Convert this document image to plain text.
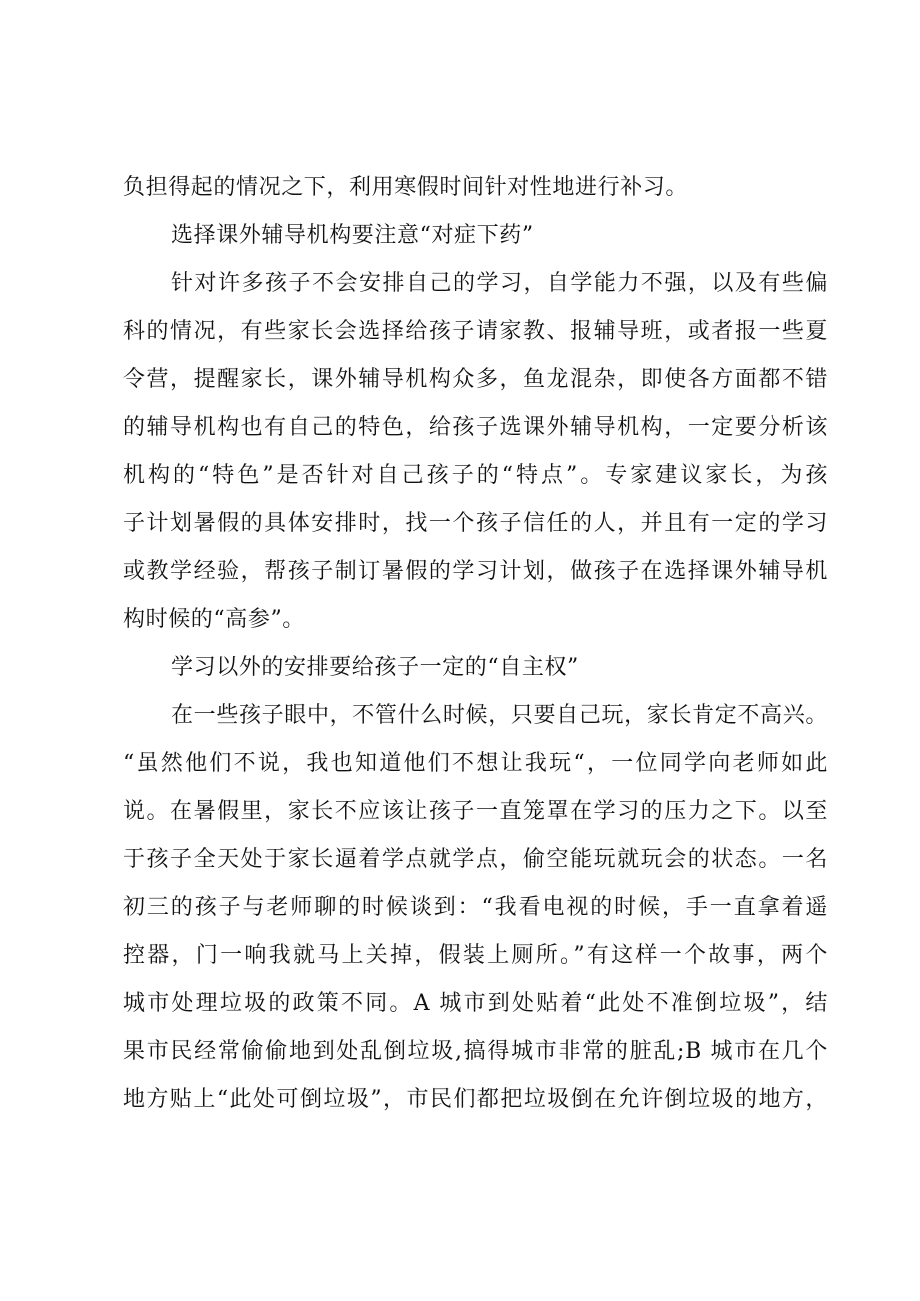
负担得起的情况之下，利用寒假时间针对性地进行补习。
选择课外辅导机构要注意“对症下药”
针对许多孩子不会安排自己的学习，自学能力不强，以及有些偏
科的情况，有些家长会选择给孩子请家教、报辅导班，或者报一些夏
令营，提醒家长，课外辅导机构众多，鱼龙混杂，即使各方面都不错
的辅导机构也有自己的特色，给孩子选课外辅导机构，一定要分析该
机构的“特色”是否针对自己孩子的“特点”。专家建议家长，为孩
子计划暑假的具体安排时，找一个孩子信任的人，并且有一定的学习
或教学经验，帮孩子制订暑假的学习计划，做孩子在选择课外辅导机
构时候的“高参”。
学习以外的安排要给孩子一定的“自主权”
在一些孩子眼中，不管什么时候，只要自己玩，家长肯定不高兴。
“虽然他们不说，我也知道他们不想让我玩“，一位同学向老师如此
说。在暑假里，家长不应该让孩子一直笼罩在学习的压力之下。以至
于孩子全天处于家长逼着学点就学点，偷空能玩就玩会的状态。一名
初三的孩子与老师聊的时候谈到：“我看电视的时候，手一直拿着遥
控器，门一响我就马上关掉，假装上厕所。”有这样一个故事，两个
城市处理垃圾的政策不同。A 城市到处贴着“此处不准倒垃圾”，结
果市民经常偷偷地到处乱倒垃圾,搞得城市非常的脏乱;B 城市在几个
地方贴上“此处可倒垃圾”，市民们都把垃圾倒在允许倒垃圾的地方，
